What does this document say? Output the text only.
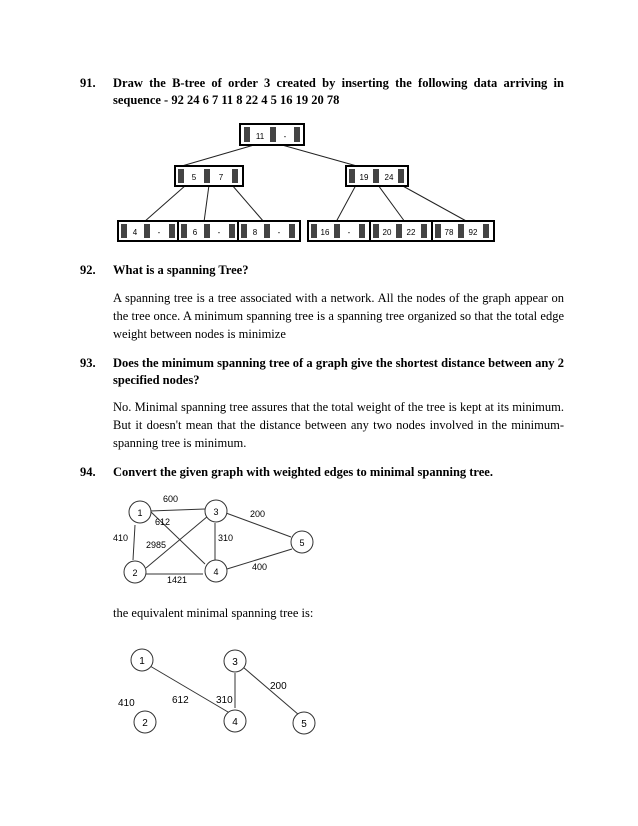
91.	Draw the B-tree of order 3 created by inserting the following data arriving in sequence - 92 24 6 7 11 8 22 4 5 16 19 20 78
11 -
5	7	19 24
4	-	6	-	8	-	16 -	20 22	78 92
1
2
3
4
5
600
612
410
2985
310
200
1421
400
1
2
3
4	5
410	612	310
200
92.	What is a spanning Tree?
A spanning tree is a tree associated with a network. All the nodes of the graph appear on the tree once. A minimum spanning tree is a spanning tree organized so that the total edge weight between nodes is minimize
93.	Does the minimum spanning tree of a graph give the shortest distance between any 2 specified nodes?
No. Minimal spanning tree assures that the total weight of the tree is kept at its minimum. But it doesn't mean that the distance between any two nodes involved in the minimum-spanning tree is minimum.
94.	Convert the given graph with weighted edges to minimal spanning tree.
the equivalent minimal spanning tree is:
